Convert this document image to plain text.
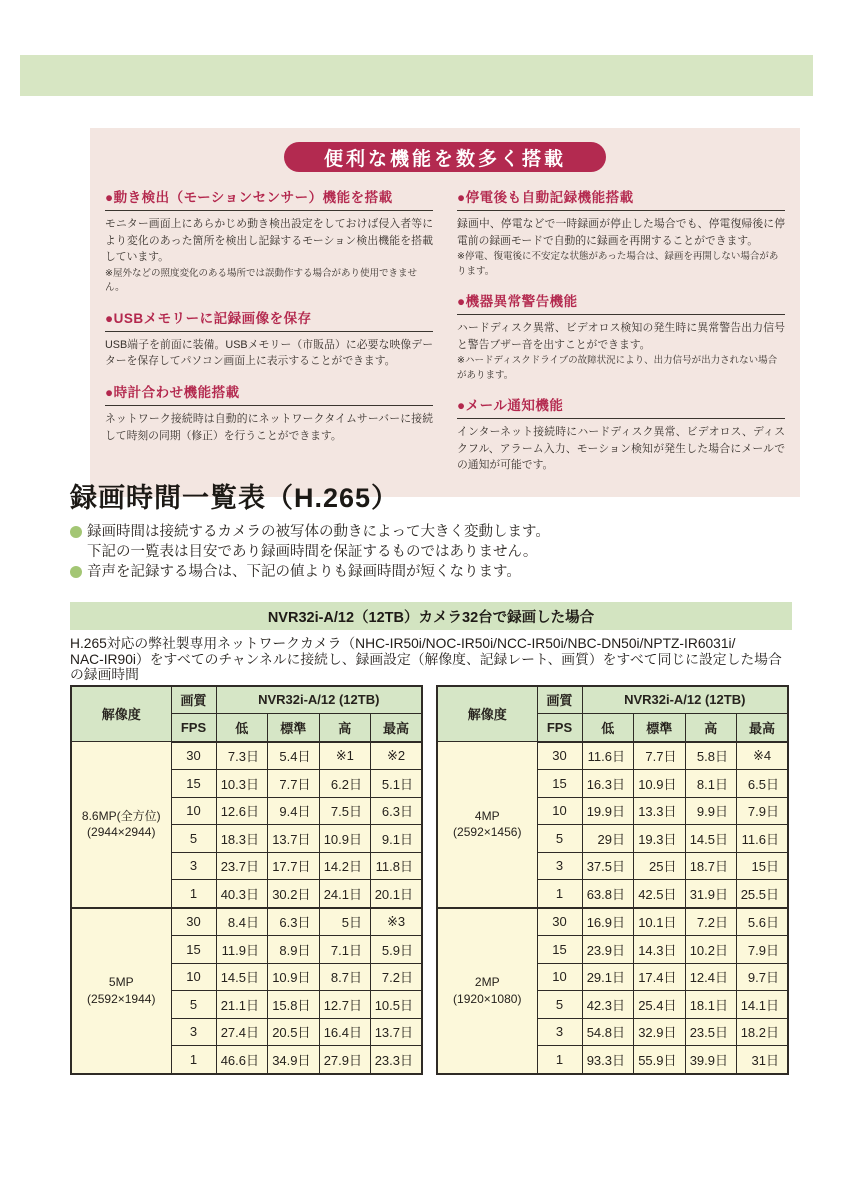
便利な機能を数多く搭載
●動き検出（モーションセンサー）機能を搭載
モニター画面上にあらかじめ動き検出設定をしておけば侵入者等により変化のあった箇所を検出し記録するモーション検出機能を搭載しています。
※屋外などの照度変化のある場所では誤動作する場合があり使用できません。
●USBメモリーに記録画像を保存
USB端子を前面に装備。USBメモリー（市販品）に必要な映像データーを保存してパソコン画面上に表示することができます。
●時計合わせ機能搭載
ネットワーク接続時は自動的にネットワークタイムサーバーに接続して時刻の同期（修正）を行うことができます。
●停電後も自動記録機能搭載
録画中、停電などで一時録画が停止した場合でも、停電復帰後に停電前の録画モードで自動的に録画を再開することができます。
※停電、復電後に不安定な状態があった場合は、録画を再開しない場合があります。
●機器異常警告機能
ハードディスク異常、ビデオロス検知の発生時に異常警告出力信号と警告ブザー音を出すことができます。
※ハードディスクドライブの故障状況により、出力信号が出力されない場合があります。
●メール通知機能
インターネット接続時にハードディスク異常、ビデオロス、ディスクフル、アラーム入力、モーション検知が発生した場合にメールでの通知が可能です。
録画時間一覧表（H.265）
録画時間は接続するカメラの被写体の動きによって大きく変動します。
下記の一覧表は目安であり録画時間を保証するものではありません。
音声を記録する場合は、下記の値よりも録画時間が短くなります。
NVR32i-A/12（12TB）カメラ32台で録画した場合
H.265対応の弊社製専用ネットワークカメラ（NHC-IR50i/NOC-IR50i/NCC-IR50i/NBC-DN50i/NPTZ-IR6031i/
NAC-IR90i）をすべてのチャンネルに接続し、録画設定（解像度、記録レート、画質）をすべて同じに設定した場合の録画時間
解像度	画質	NVR32i-A/12 (12TB)			
	FPS	低	標準	高	最高
8.6MP(全方位)
(2944×2944)	30	7.3日	5.4日	※1	※2
	15	10.3日	7.7日	6.2日	5.1日
	10	12.6日	9.4日	7.5日	6.3日
	5	18.3日	13.7日	10.9日	9.1日
	3	23.7日	17.7日	14.2日	11.8日
	1	40.3日	30.2日	24.1日	20.1日
5MP
(2592×1944)	30	8.4日	6.3日	5日	※3
	15	11.9日	8.9日	7.1日	5.9日
	10	14.5日	10.9日	8.7日	7.2日
	5	21.1日	15.8日	12.7日	10.5日
	3	27.4日	20.5日	16.4日	13.7日
	1	46.6日	34.9日	27.9日	23.3日
解像度	画質	NVR32i-A/12 (12TB)			
	FPS	低	標準	高	最高
4MP
(2592×1456)	30	11.6日	7.7日	5.8日	※4
	15	16.3日	10.9日	8.1日	6.5日
	10	19.9日	13.3日	9.9日	7.9日
	5	29日	19.3日	14.5日	11.6日
	3	37.5日	25日	18.7日	15日
	1	63.8日	42.5日	31.9日	25.5日
2MP
(1920×1080)	30	16.9日	10.1日	7.2日	5.6日
	15	23.9日	14.3日	10.2日	7.9日
	10	29.1日	17.4日	12.4日	9.7日
	5	42.3日	25.4日	18.1日	14.1日
	3	54.8日	32.9日	23.5日	18.2日
	1	93.3日	55.9日	39.9日	31日
